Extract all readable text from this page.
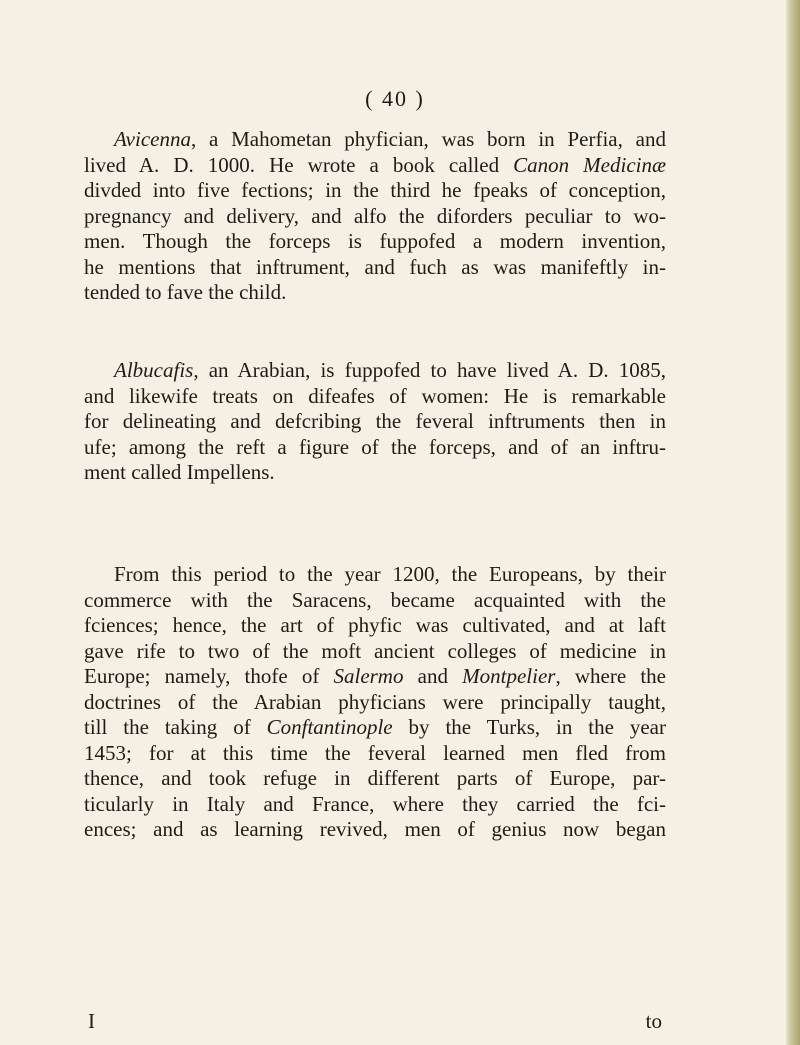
( 40 )
Avicenna, a Mahometan phyfician, was born in Perfia, and
lived A. D. 1000. He wrote a book called Canon Medicinæ
divded into five fections; in the third he fpeaks of conception,
pregnancy and delivery, and alfo the diforders peculiar to wo-
men. Though the forceps is fuppofed a modern invention,
he mentions that inftrument, and fuch as was manifeftly in-
tended to fave the child.
Albucafis, an Arabian, is fuppofed to have lived A. D. 1085,
and likewife treats on difeafes of women: He is remarkable
for delineating and defcribing the feveral inftruments then in
ufe; among the reft a figure of the forceps, and of an inftru-
ment called Impellens.
From this period to the year 1200, the Europeans, by their
commerce with the Saracens, became acquainted with the
fciences; hence, the art of phyfic was cultivated, and at laft
gave rife to two of the moft ancient colleges of medicine in
Europe; namely, thofe of Salermo and Montpelier, where the
doctrines of the Arabian phyficians were principally taught,
till the taking of Conftantinople by the Turks, in the year
1453; for at this time the feveral learned men fled from
thence, and took refuge in different parts of Europe, par-
ticularly in Italy and France, where they carried the fci-
ences; and as learning revived, men of genius now began
I	to
